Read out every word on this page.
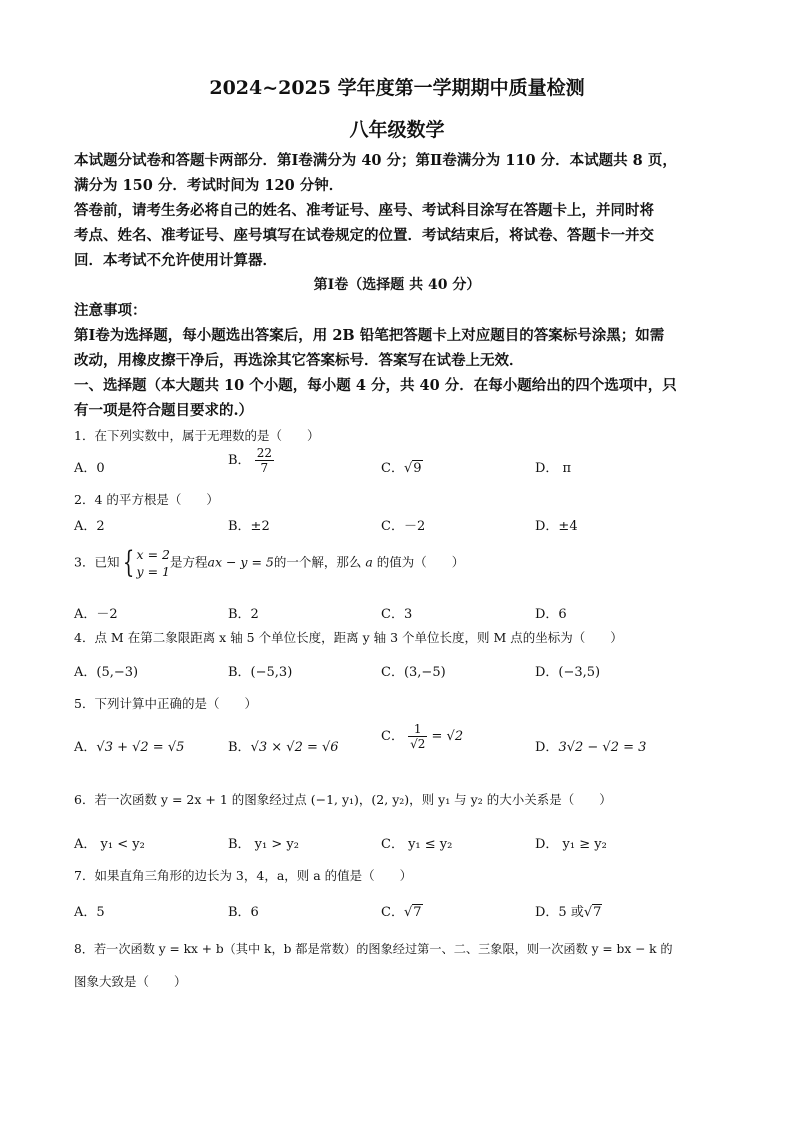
2024~2025 学年度第一学期期中质量检测
八年级数学
本试题分试卷和答题卡两部分．第Ⅰ卷满分为 40 分；第Ⅱ卷满分为 110 分．本试题共 8 页，
满分为 150 分．考试时间为 120 分钟．
答卷前，请考生务必将自己的姓名、准考证号、座号、考试科目涂写在答题卡上，并同时将
考点、姓名、准考证号、座号填写在试卷规定的位置．考试结束后，将试卷、答题卡一并交
回．本考试不允许使用计算器．
第Ⅰ卷（选择题 共 40 分）
注意事项：
第Ⅰ卷为选择题，每小题选出答案后，用 2B 铅笔把答题卡上对应题目的答案标号涂黑；如需
改动，用橡皮擦干净后，再选涂其它答案标号．答案写在试卷上无效．
一、选择题（本大题共 10 个小题，每小题 4 分，共 40 分．在每小题给出的四个选项中，只
有一项是符合题目要求的.）
1．在下列实数中，属于无理数的是（　　）
A．0
B． $\frac{22}{7}$	C．√9	D． π
2．4 的平方根是（　　）
A．2	B．±2	C．－2	D．±4
3．已知 { x = 2
y = 1
是方程ax − y = 5的一个解，那么 a 的值为（　　）
A．－2	B．2	C．3	D．6
4．点 M 在第二象限距离 x 轴 5 个单位长度，距离 y 轴 3 个单位长度，则 M 点的坐标为（　　）
A．(5,−3)	B．(−5,3)	C．(3,−5)	D．(−3,5)
5．下列计算中正确的是（　　）
A．√3 + √2 = √5	B．√3 × √2 = √6
C． $\frac{1}{√2} = √2$
D．3√2 − √2 = 3
6．若一次函数 y = 2x + 1 的图象经过点 (−1, y₁)，(2, y₂)，则 y₁ 与 y₂ 的大小关系是（　　）
A． y₁ < y₂	B． y₁ > y₂	C． y₁ ≤ y₂	D． y₁ ≥ y₂
7．如果直角三角形的边长为 3，4，a，则 a 的值是（　　）
A．5	B．6	C．√7	D．5 或√7
8．若一次函数 y = kx + b（其中 k，b 都是常数）的图象经过第一、二、三象限，则一次函数 y = bx − k 的
图象大致是（　　）
